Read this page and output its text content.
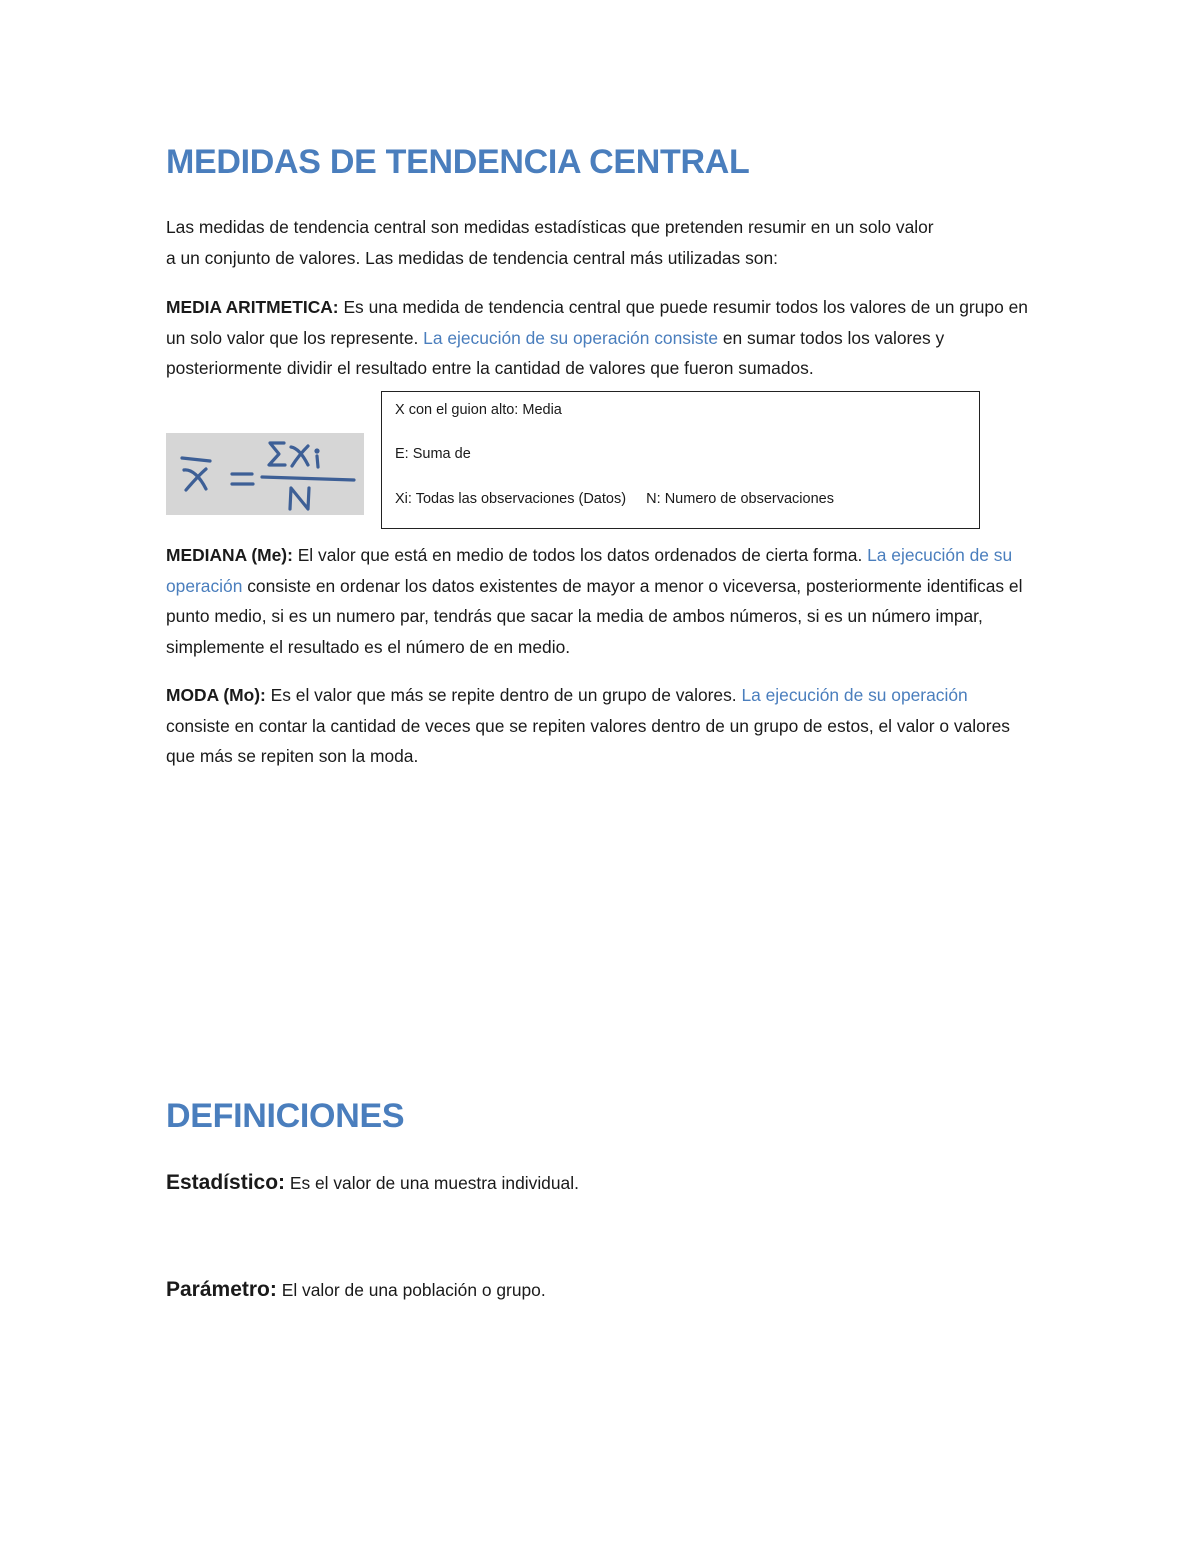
MEDIDAS DE TENDENCIA CENTRAL

Las medidas de tendencia central son medidas estadísticas que pretenden resumir en un solo valor
a un conjunto de valores. Las medidas de tendencia central más utilizadas son:

MEDIA ARITMETICA: Es una medida de tendencia central que puede resumir todos los valores de un grupo en un solo valor que los represente. La ejecución de su operación consiste en sumar todos los valores y posteriormente dividir el resultado entre la cantidad de valores que fueron sumados.

X con el guion alto: Media
E: Suma de
Xi: Todas las observaciones (Datos)     N: Numero de observaciones

MEDIANA (Me): El valor que está en medio de todos los datos ordenados de cierta forma. La ejecución de su operación consiste en ordenar los datos existentes de mayor a menor o viceversa, posteriormente identificas el punto medio, si es un numero par, tendrás que sacar la media de ambos números, si es un número impar, simplemente el resultado es el número de en medio.

MODA (Mo): Es el valor que más se repite dentro de un grupo de valores. La ejecución de su operación consiste en contar la cantidad de veces que se repiten valores dentro de un grupo de estos, el valor o valores que más se repiten son la moda.

DEFINICIONES

Estadístico: Es el valor de una muestra individual.

Parámetro: El valor de una población o grupo.
